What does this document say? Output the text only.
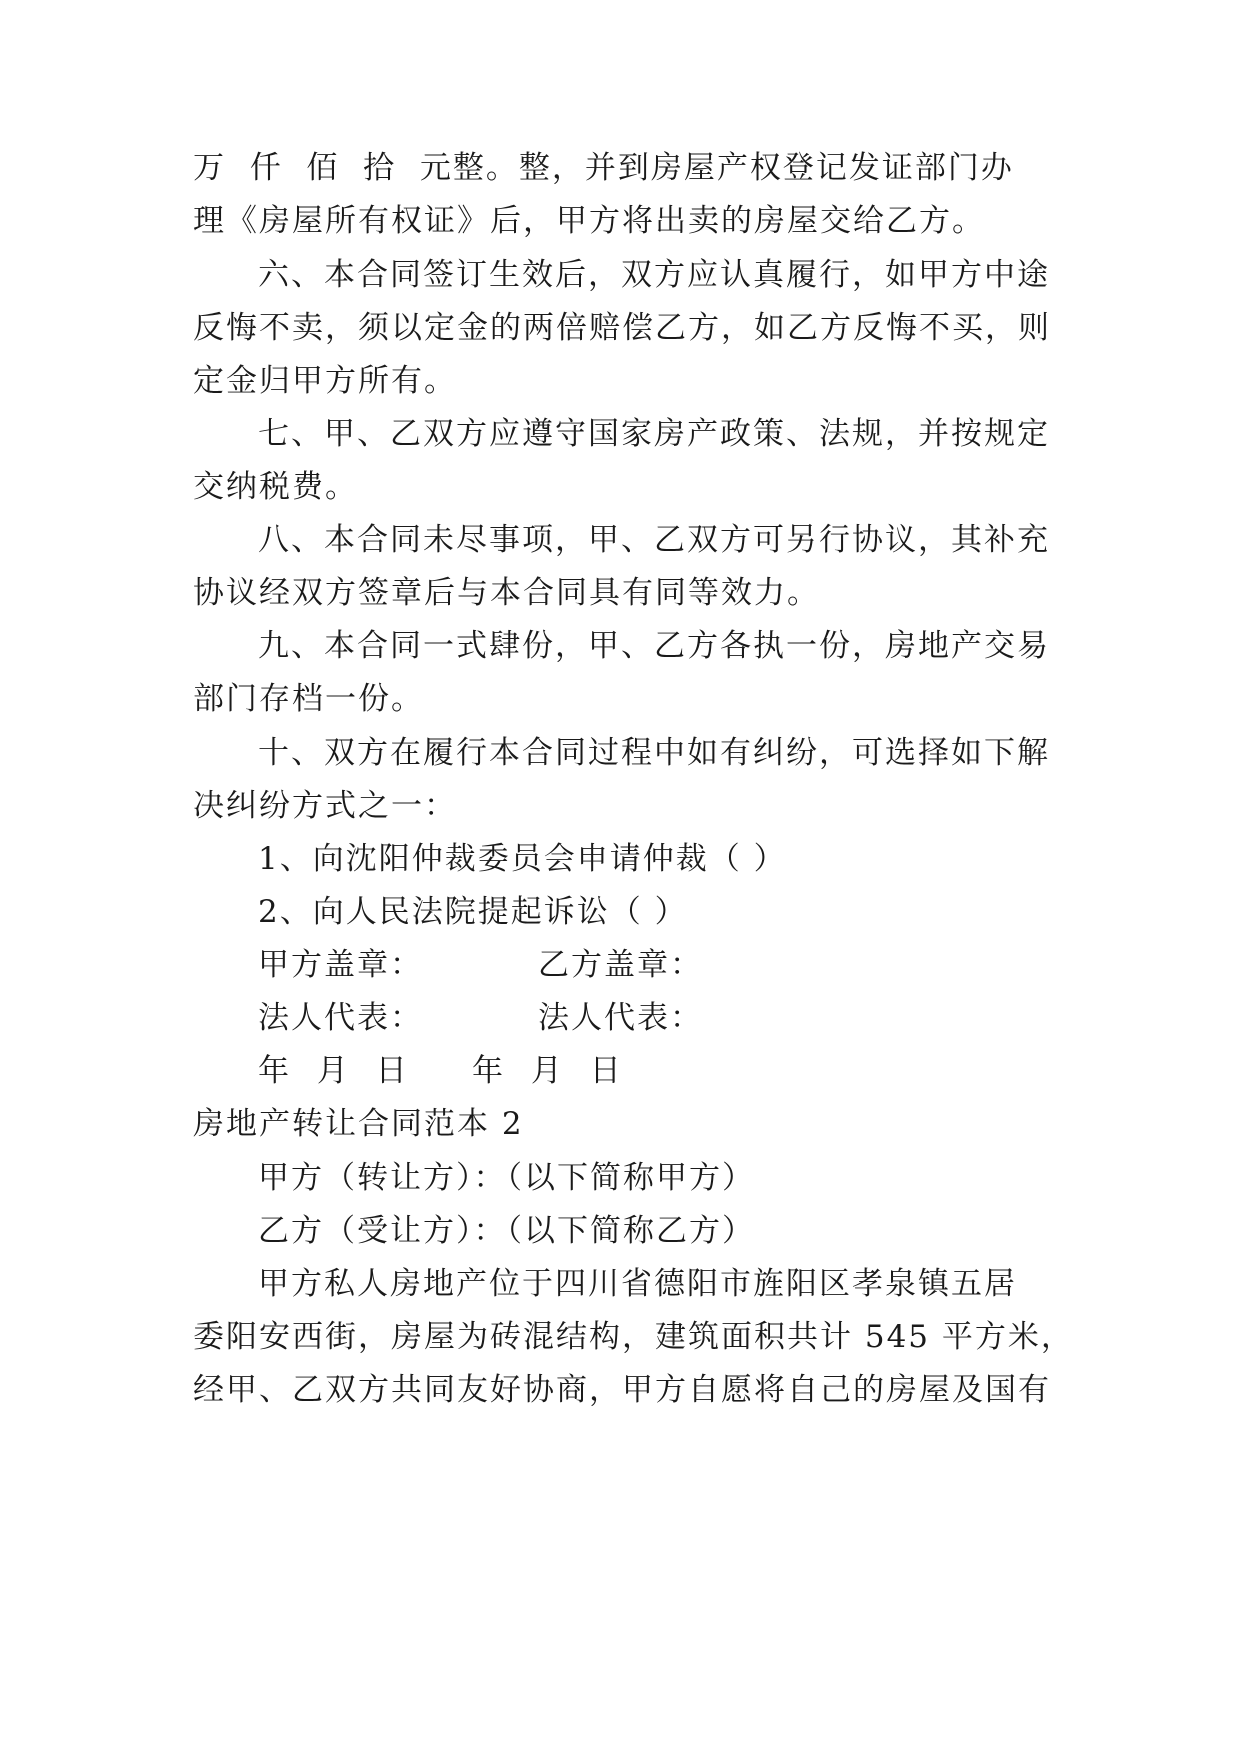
万  仟  佰  拾  元整。整，并到房屋产权登记发证部门办
理《房屋所有权证》后，甲方将出卖的房屋交给乙方。
六、本合同签订生效后，双方应认真履行，如甲方中途
反悔不卖，须以定金的两倍赔偿乙方，如乙方反悔不买，则
定金归甲方所有。
七、甲、乙双方应遵守国家房产政策、法规，并按规定
交纳税费。
八、本合同未尽事项，甲、乙双方可另行协议，其补充
协议经双方签章后与本合同具有同等效力。
九、本合同一式肆份，甲、乙方各执一份，房地产交易
部门存档一份。
十、双方在履行本合同过程中如有纠纷，可选择如下解
决纠纷方式之一：
1、向沈阳仲裁委员会申请仲裁（ ）
2、向人民法院提起诉讼（ ）
甲方盖章：	乙方盖章：
法人代表：	法人代表：
年 月 日 年 月 日
房地产转让合同范本 2
甲方（转让方）：（以下简称甲方）
乙方（受让方）：（以下简称乙方）
甲方私人房地产位于四川省德阳市旌阳区孝泉镇五居
委阳安西街，房屋为砖混结构，建筑面积共计 545 平方米，
经甲、乙双方共同友好协商，甲方自愿将自己的房屋及国有
